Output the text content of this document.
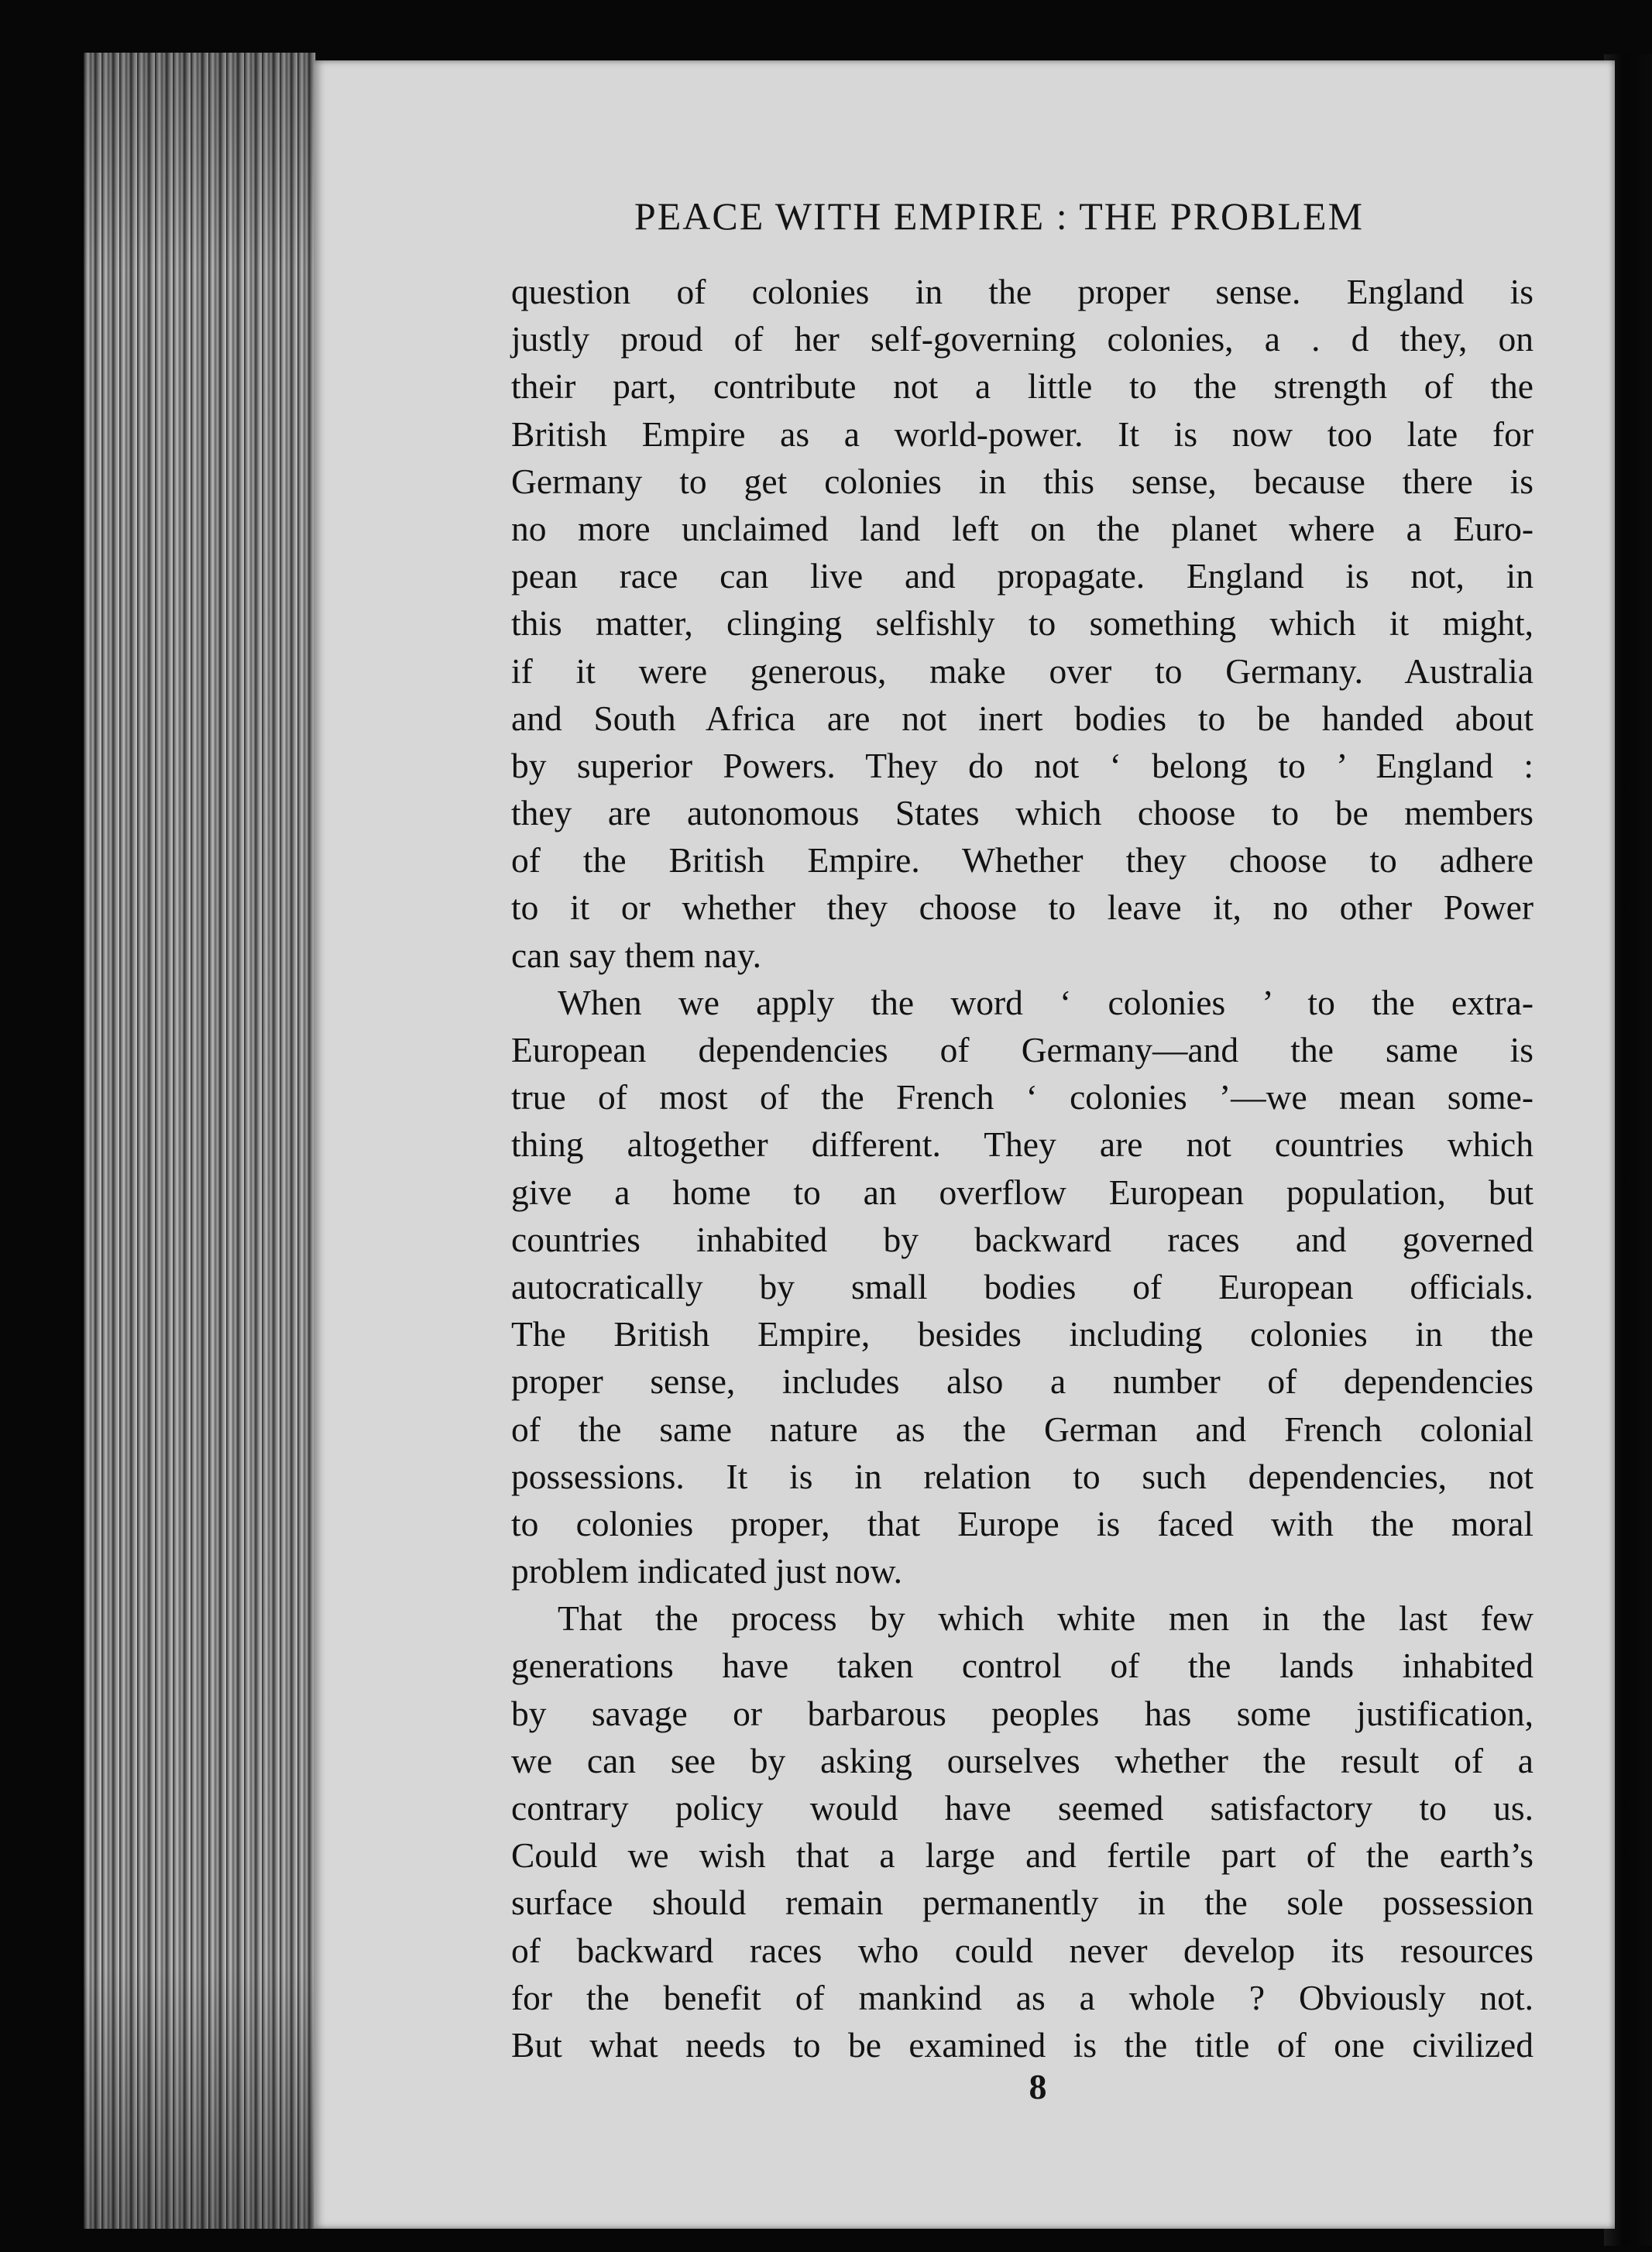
PEACE WITH EMPIRE : THE PROBLEM
question of colonies in the proper sense. England is
justly proud of her self-governing colonies, a . d they, on
their part, contribute not a little to the strength of the
British Empire as a world-power. It is now too late for
Germany to get colonies in this sense, because there is
no more unclaimed land left on the planet where a Euro-
pean race can live and propagate. England is not, in
this matter, clinging selfishly to something which it might,
if it were generous, make over to Germany. Australia
and South Africa are not inert bodies to be handed about
by superior Powers. They do not ‘ belong to ’ England :
they are autonomous States which choose to be members
of the British Empire. Whether they choose to adhere
to it or whether they choose to leave it, no other Power
can say them nay.
When we apply the word ‘ colonies ’ to the extra-
European dependencies of Germany—and the same is
true of most of the French ‘ colonies ’—we mean some-
thing altogether different. They are not countries which
give a home to an overflow European population, but
countries inhabited by backward races and governed
autocratically by small bodies of European officials.
The British Empire, besides including colonies in the
proper sense, includes also a number of dependencies
of the same nature as the German and French colonial
possessions. It is in relation to such dependencies, not
to colonies proper, that Europe is faced with the moral
problem indicated just now.
That the process by which white men in the last few
generations have taken control of the lands inhabited
by savage or barbarous peoples has some justification,
we can see by asking ourselves whether the result of a
contrary policy would have seemed satisfactory to us.
Could we wish that a large and fertile part of the earth’s
surface should remain permanently in the sole possession
of backward races who could never develop its resources
for the benefit of mankind as a whole ? Obviously not.
But what needs to be examined is the title of one civilized
8
